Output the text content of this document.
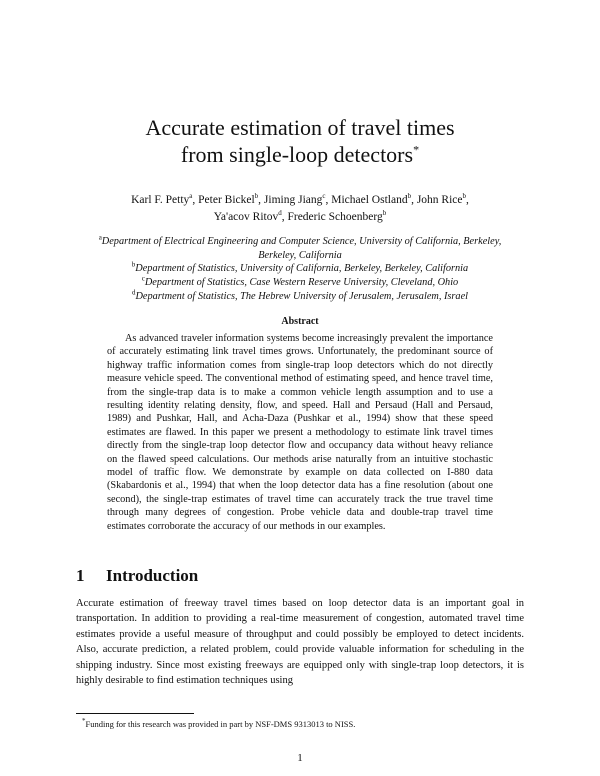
Accurate estimation of travel times
from single-loop detectors*
Karl F. Petty$^a$, Peter Bickel$^b$, Jiming Jiang$^c$, Michael Ostland$^b$, John Rice$^b$,
Ya'acov Ritov$^d$, Frederic Schoenberg$^b$
$^a$Department of Electrical Engineering and Computer Science, University of California, Berkeley,
Berkeley, California
$^b$Department of Statistics, University of California, Berkeley, Berkeley, California
$^c$Department of Statistics, Case Western Reserve University, Cleveland, Ohio
$^d$Department of Statistics, The Hebrew University of Jerusalem, Jerusalem, Israel
Abstract

As advanced traveler information systems become increasingly prevalent the importance of accurately estimating link travel times grows. Unfortunately, the predominant source of highway traffic information comes from single-trap loop detectors which do not directly measure vehicle speed. The conventional method of estimating speed, and hence travel time, from the single-trap data is to make a common vehicle length assumption and to use a resulting identity relating density, flow, and speed. Hall and Persaud (Hall and Persaud, 1989) and Pushkar, Hall, and Acha-Daza (Pushkar et al., 1994) show that these speed estimates are flawed. In this paper we present a methodology to estimate link travel times directly from the single-trap loop detector flow and occupancy data without heavy reliance on the flawed speed calculations. Our methods arise naturally from an intuitive stochastic model of traffic flow. We demonstrate by example on data collected on I-880 data (Skabardonis et al., 1994) that when the loop detector data has a fine resolution (about one second), the single-trap estimates of travel time can accurately track the true travel time through many degrees of congestion. Probe vehicle data and double-trap travel time estimates corroborate the accuracy of our methods in our examples.

1 Introduction

Accurate estimation of freeway travel times based on loop detector data is an important goal in transportation. In addition to providing a real-time measurement of congestion, automated travel time estimates provide a useful measure of throughput and could possibly be employed to detect incidents. Also, accurate prediction, a related problem, could provide valuable information for scheduling in the shipping industry. Since most existing freeways are equipped only with single-trap loop detectors, it is highly desirable to find estimation techniques using

*Funding for this research was provided in part by NSF-DMS 9313013 to NISS.
1
